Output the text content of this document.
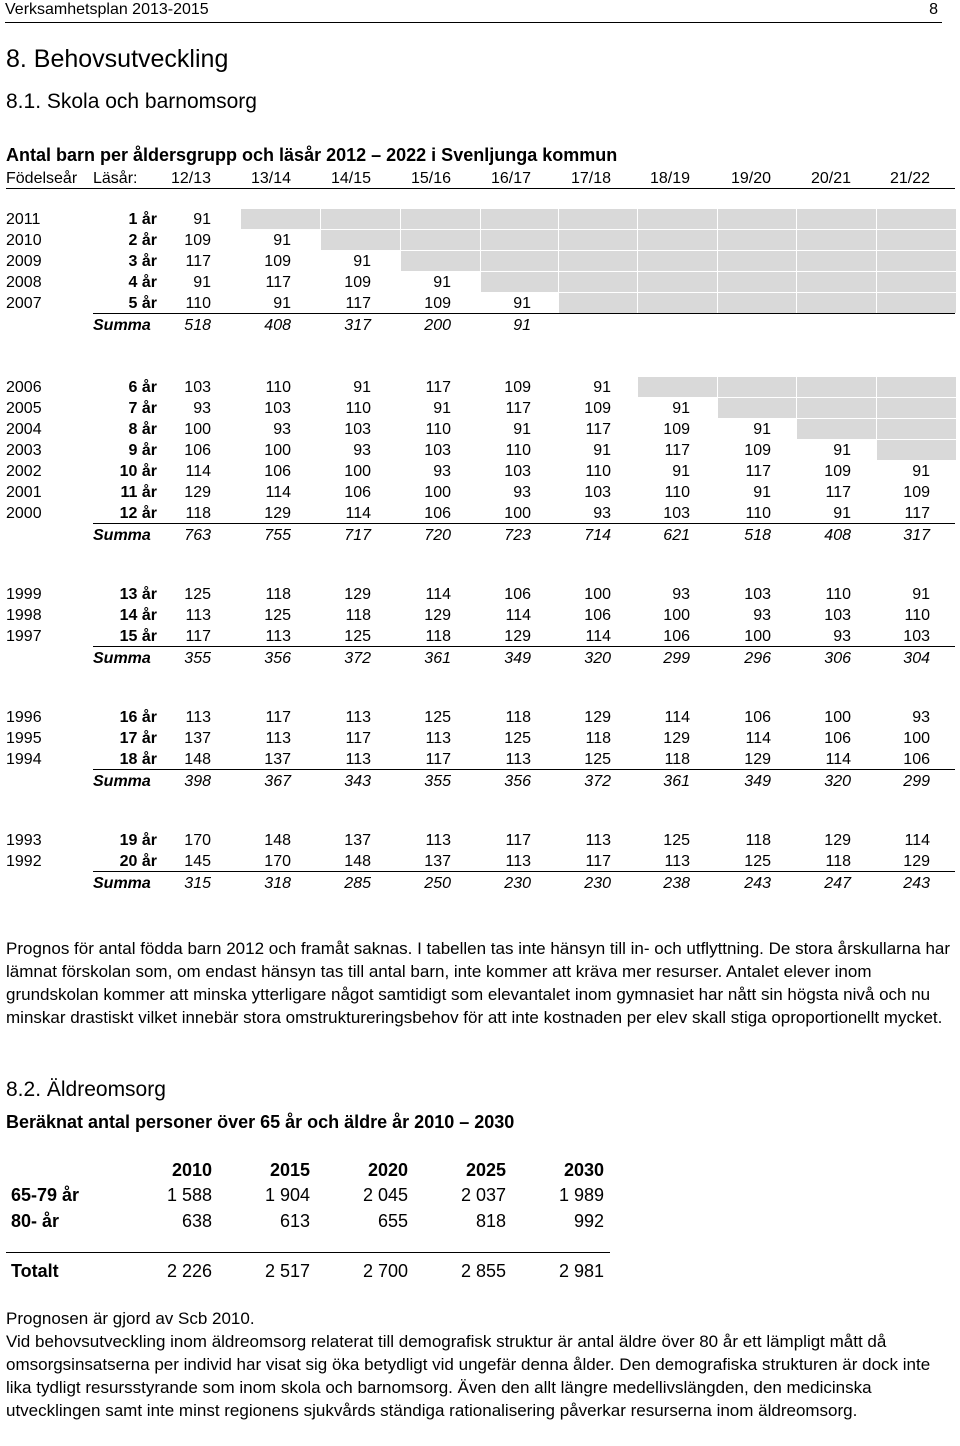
Verksamhetsplan 2013-2015	8
8. Behovsutveckling
8.1. Skola och barnomsorg
Antal barn per åldersgrupp och läsår 2012 – 2022 i Svenljunga kommun
Födelseår Läsår:	12/13	13/14	14/15	15/16	16/17	17/18	18/19	19/20	20/21	21/22
2011	1 år	91
2010	2 år	109	91
2009	3 år	117	109	91
2008	4 år	91	117	109	91
2007	5 år	110	91	117	109	91
Summa	518	408	317	200	91
2006	6 år	103	110	91	117	109	91
2005	7 år	93	103	110	91	117	109	91
2004	8 år	100	93	103	110	91	117	109	91
2003	9 år	106	100	93	103	110	91	117	109	91
2002	10 år	114	106	100	93	103	110	91	117	109	91
2001	11 år	129	114	106	100	93	103	110	91	117	109
2000	12 år	118	129	114	106	100	93	103	110	91	117
Summa	763	755	717	720	723	714	621	518	408	317
1999	13 år	125	118	129	114	106	100	93	103	110	91
1998	14 år	113	125	118	129	114	106	100	93	103	110
1997	15 år	117	113	125	118	129	114	106	100	93	103
Summa	355	356	372	361	349	320	299	296	306	304
1996	16 år	113	117	113	125	118	129	114	106	100	93
1995	17 år	137	113	117	113	125	118	129	114	106	100
1994	18 år	148	137	113	117	113	125	118	129	114	106
Summa	398	367	343	355	356	372	361	349	320	299
1993	19 år	170	148	137	113	117	113	125	118	129	114
1992	20 år	145	170	148	137	113	117	113	125	118	129
Summa	315	318	285	250	230	230	238	243	247	243
Prognos för antal födda barn 2012 och framåt saknas. I tabellen tas inte hänsyn till in- och utflyttning. De stora årskullarna har lämnat förskolan som, om endast hänsyn tas till antal barn, inte kommer att kräva mer resurser. Antalet elever inom grundskolan kommer att minska ytterligare något samtidigt som elevantalet inom gymnasiet har nått sin högsta nivå och nu minskar drastiskt vilket innebär stora omstruktureringsbehov för att inte kostnaden per elev skall stiga oproportionellt mycket.
8.2. Äldreomsorg
Beräknat antal personer över 65 år och äldre år 2010 – 2030
2010	2015	2020	2025	2030
65-79 år	1 588	1 904	2 045	2 037	1 989
80- år	638	613	655	818	992
Totalt	2 226	2 517	2 700	2 855	2 981
Prognosen är gjord av Scb 2010.
Vid behovsutveckling inom äldreomsorg relaterat till demografisk struktur är antal äldre över 80 år ett lämpligt mått då omsorgsinsatserna per individ har visat sig öka betydligt vid ungefär denna ålder. Den demografiska strukturen är dock inte lika tydligt resursstyrande som inom skola och barnomsorg. Även den allt längre medellivslängden, den medicinska utvecklingen samt inte minst regionens sjukvårds ständiga rationalisering påverkar resurserna inom äldreomsorg.
